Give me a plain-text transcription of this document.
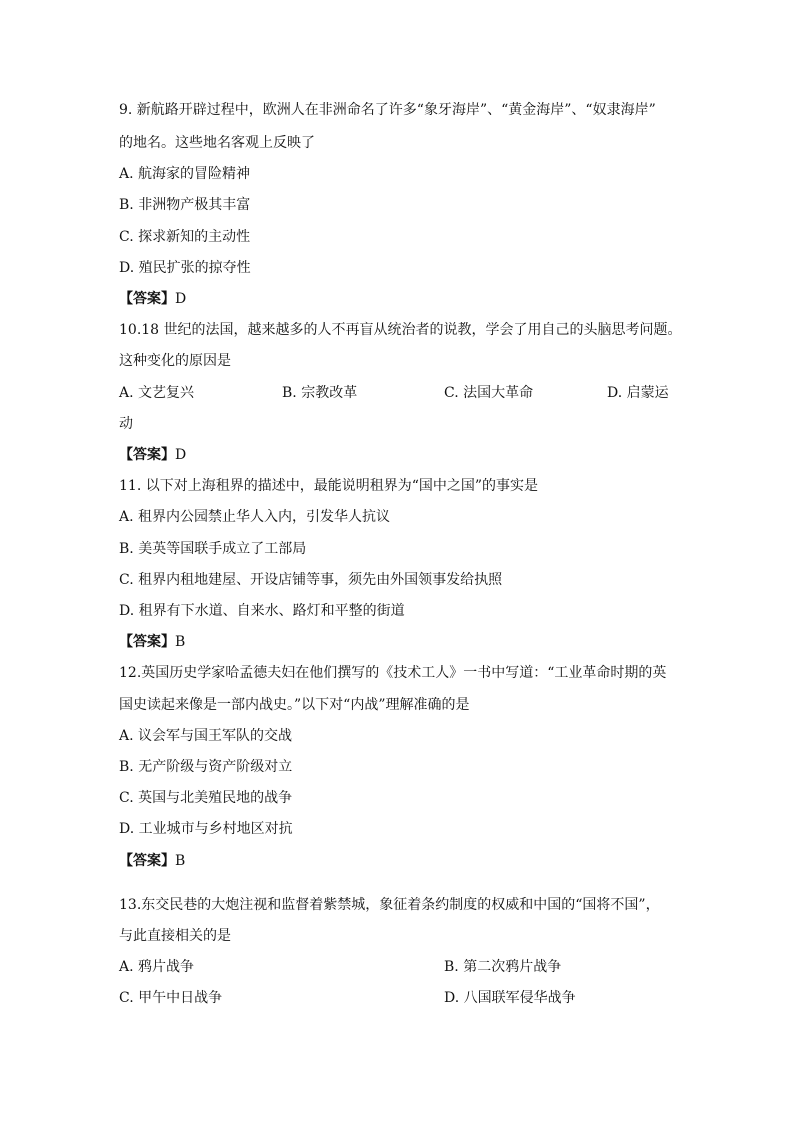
9. 新航路开辟过程中，欧洲人在非洲命名了许多“象牙海岸”、“黄金海岸”、“奴隶海岸”
的地名。这些地名客观上反映了
A. 航海家的冒险精神
B. 非洲物产极其丰富
C. 探求新知的主动性
D. 殖民扩张的掠夺性
【答案】D
10.18 世纪的法国，越来越多的人不再盲从统治者的说教，学会了用自己的头脑思考问题。
这种变化的原因是
A. 文艺复兴	B. 宗教改革	C. 法国大革命	D. 启蒙运
动
【答案】D
11. 以下对上海租界的描述中，最能说明租界为“国中之国”的事实是
A. 租界内公园禁止华人入内，引发华人抗议
B. 美英等国联手成立了工部局
C. 租界内租地建屋、开设店铺等事，须先由外国领事发给执照
D. 租界有下水道、自来水、路灯和平整的街道
【答案】B
12.英国历史学家哈孟德夫妇在他们撰写的《技术工人》一书中写道：“工业革命时期的英
国史读起来像是一部内战史。”以下对“内战”理解准确的是
A. 议会军与国王军队的交战
B. 无产阶级与资产阶级对立
C. 英国与北美殖民地的战争
D. 工业城市与乡村地区对抗
【答案】B
13.东交民巷的大炮注视和监督着紫禁城，象征着条约制度的权威和中国的“国将不国”，
与此直接相关的是
A. 鸦片战争	B. 第二次鸦片战争
C. 甲午中日战争	D. 八国联军侵华战争
